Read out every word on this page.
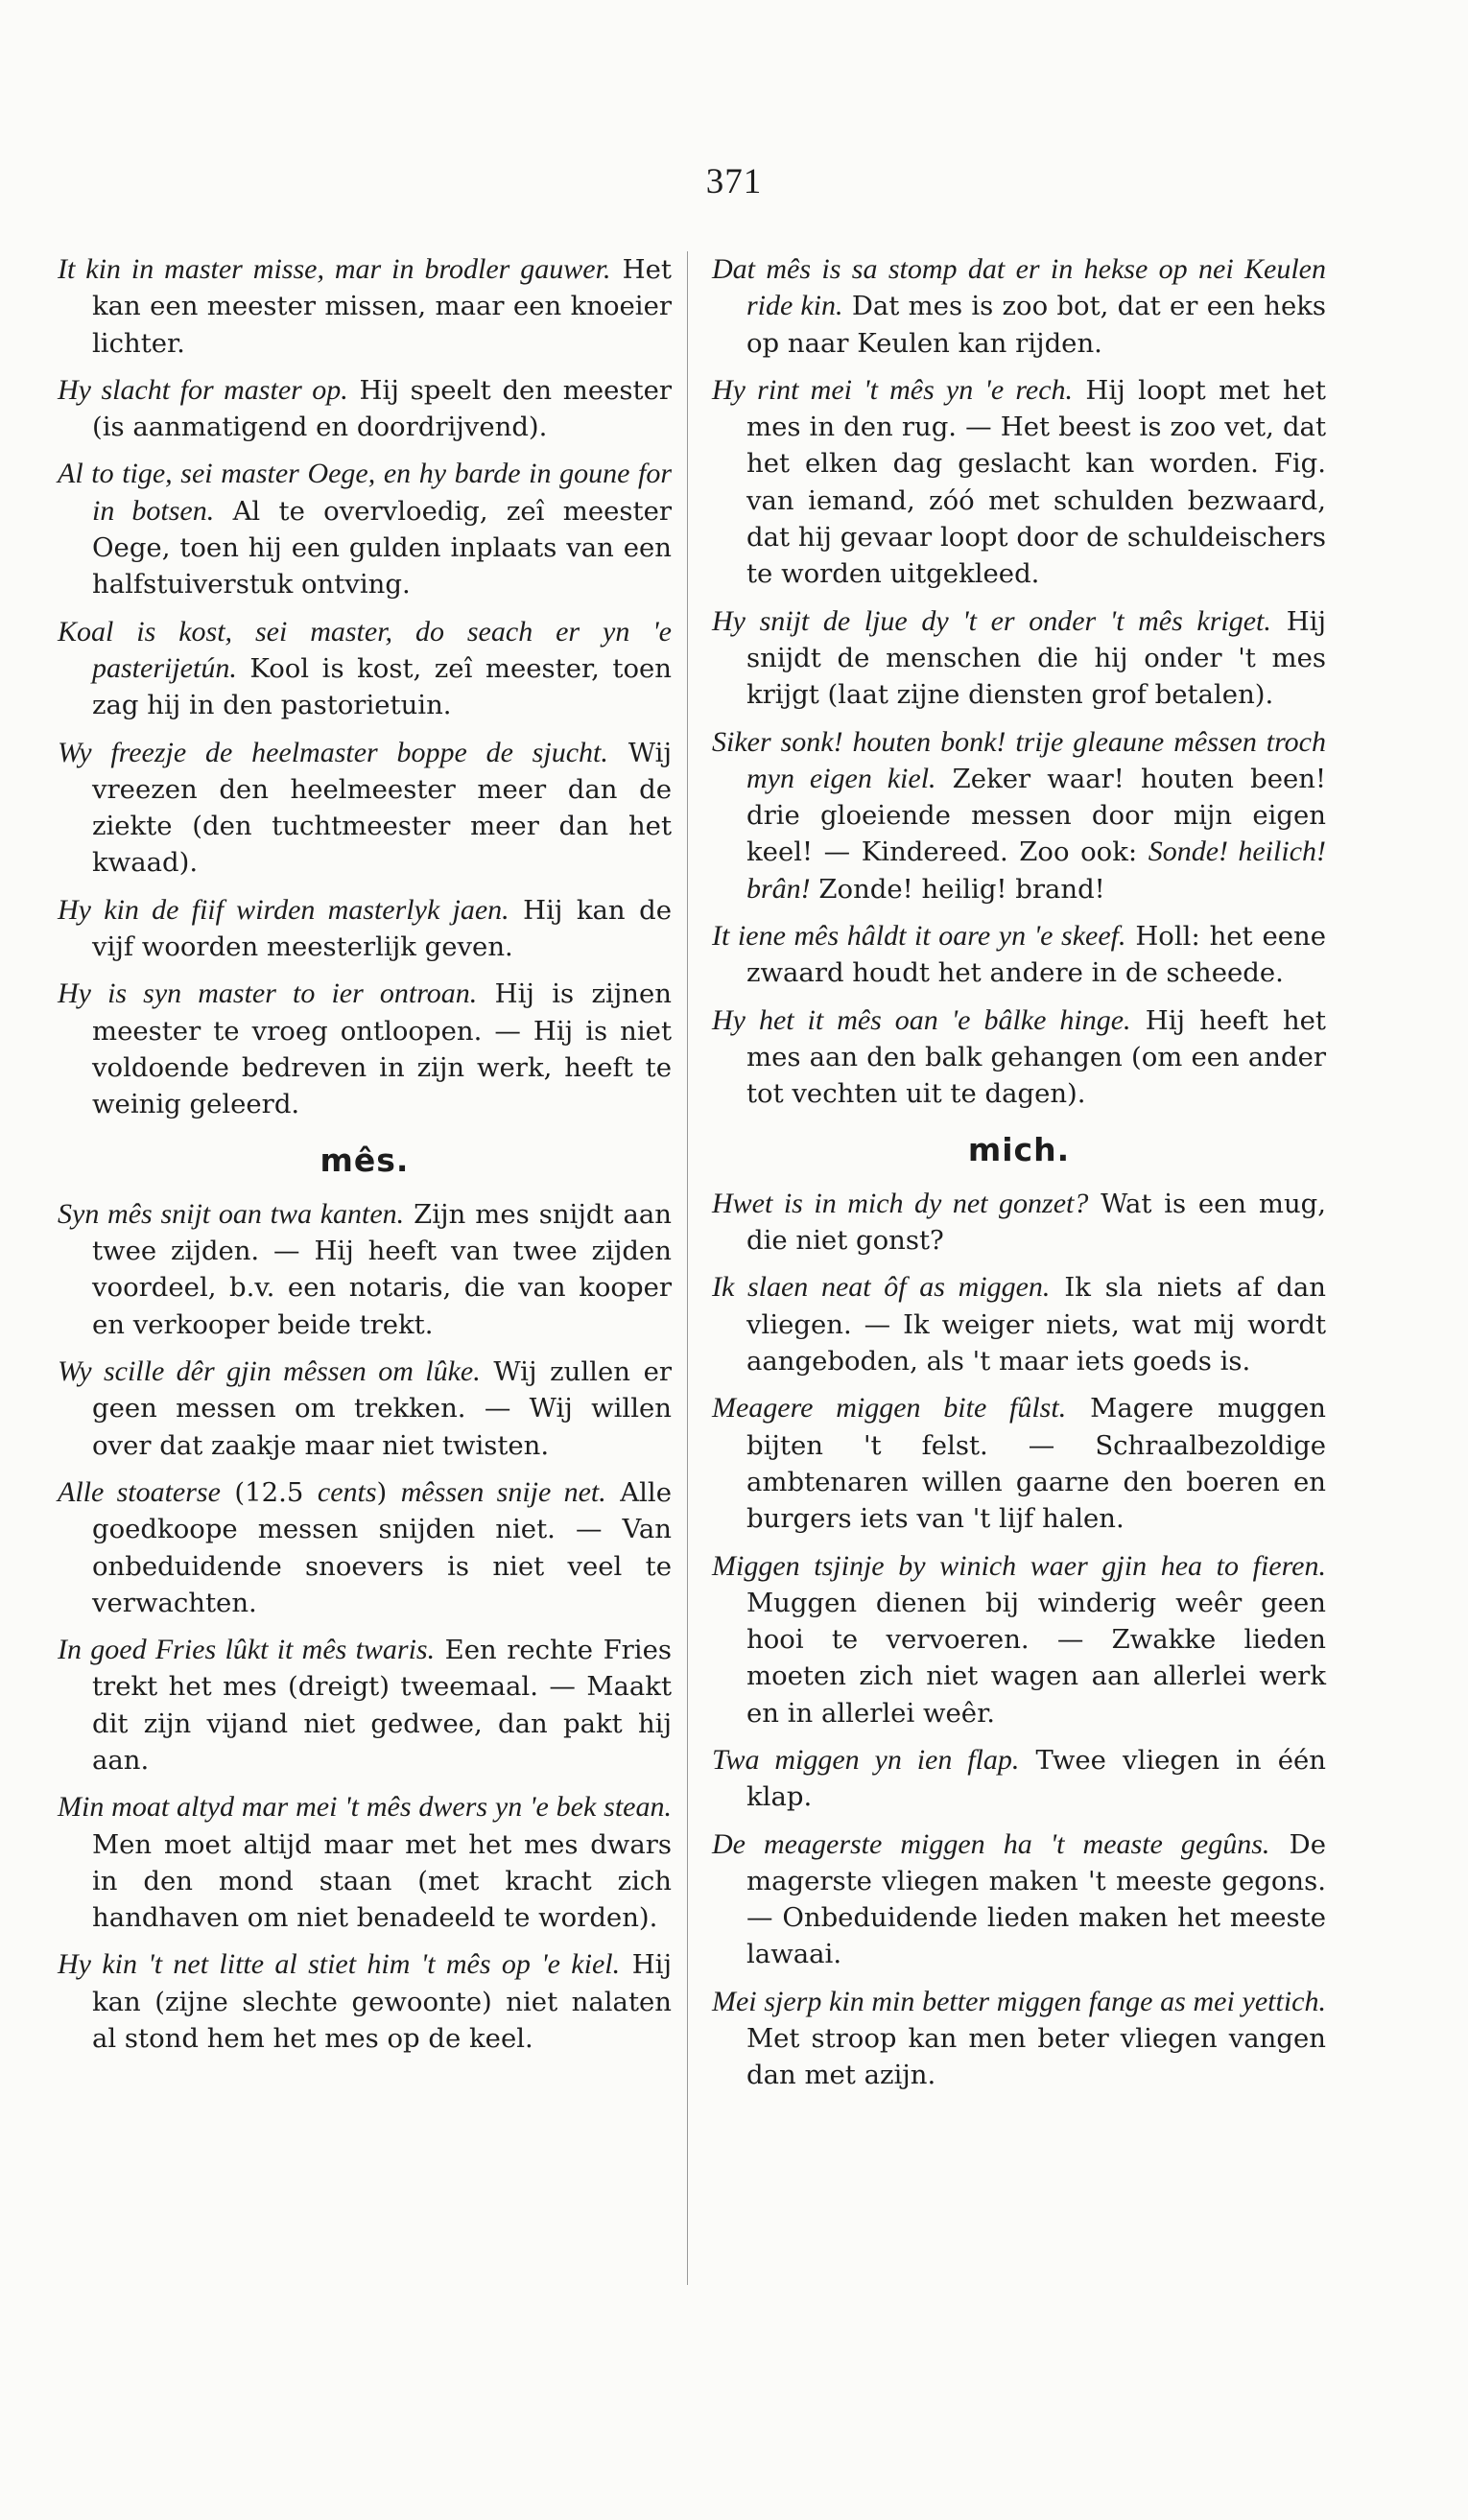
371

It kin in master misse, mar in brodler gauwer. Het kan een meester missen, maar een knoeier lichter.

Hy slacht for master op. Hij speelt den meester (is aanmatigend en doordrijvend).

Al to tige, sei master Oege, en hy barde in goune for in botsen. Al te overvloedig, zeî meester Oege, toen hij een gulden inplaats van een halfstuiverstuk ontving.

Koal is kost, sei master, do seach er yn 'e pasterijetún. Kool is kost, zeî meester, toen zag hij in den pastorietuin.

Wy freezje de heelmaster boppe de sjucht. Wij vreezen den heelmeester meer dan de ziekte (den tuchtmeester meer dan het kwaad).

Hy kin de fiif wirden masterlyk jaen. Hij kan de vijf woorden meesterlijk geven.

Hy is syn master to ier ontroan. Hij is zijnen meester te vroeg ontloopen. — Hij is niet voldoende bedreven in zijn werk, heeft te weinig geleerd.

mês.

Syn mês snijt oan twa kanten. Zijn mes snijdt aan twee zijden. — Hij heeft van twee zijden voordeel, b.v. een notaris, die van kooper en verkooper beide trekt.

Wy scille dêr gjin mêssen om lûke. Wij zullen er geen messen om trekken. — Wij willen over dat zaakje maar niet twisten.

Alle stoaterse (12.5 cents) mêssen snije net. Alle goedkoope messen snijden niet. — Van onbeduidende snoevers is niet veel te verwachten.

In goed Fries lûkt it mês twaris. Een rechte Fries trekt het mes (dreigt) tweemaal. — Maakt dit zijn vijand niet gedwee, dan pakt hij aan.

Min moat altyd mar mei 't mês dwers yn 'e bek stean. Men moet altijd maar met het mes dwars in den mond staan (met kracht zich handhaven om niet benadeeld te worden).

Hy kin 't net litte al stiet him 't mês op 'e kiel. Hij kan (zijne slechte gewoonte) niet nalaten al stond hem het mes op de keel.

Dat mês is sa stomp dat er in hekse op nei Keulen ride kin. Dat mes is zoo bot, dat er een heks op naar Keulen kan rijden.

Hy rint mei 't mês yn 'e rech. Hij loopt met het mes in den rug. — Het beest is zoo vet, dat het elken dag geslacht kan worden. Fig. van iemand, zóó met schulden bezwaard, dat hij gevaar loopt door de schuldeischers te worden uitgekleed.

Hy snijt de ljue dy 't er onder 't mês kriget. Hij snijdt de menschen die hij onder 't mes krijgt (laat zijne diensten grof betalen).

Siker sonk! houten bonk! trije gleaune mêssen troch myn eigen kiel. Zeker waar! houten been! drie gloeiende messen door mijn eigen keel! — Kindereed. Zoo ook: Sonde! heilich! brân! Zonde! heilig! brand!

It iene mês hâldt it oare yn 'e skeef. Holl: het eene zwaard houdt het andere in de scheede.

Hy het it mês oan 'e bâlke hinge. Hij heeft het mes aan den balk gehangen (om een ander tot vechten uit te dagen).

mich.

Hwet is in mich dy net gonzet? Wat is een mug, die niet gonst?

Ik slaen neat ôf as miggen. Ik sla niets af dan vliegen. — Ik weiger niets, wat mij wordt aangeboden, als 't maar iets goeds is.

Meagere miggen bite fûlst. Magere muggen bijten 't felst. — Schraalbezoldige ambtenaren willen gaarne den boeren en burgers iets van 't lijf halen.

Miggen tsjinje by winich waer gjin hea to fieren. Muggen dienen bij winderig weêr geen hooi te vervoeren. — Zwakke lieden moeten zich niet wagen aan allerlei werk en in allerlei weêr.

Twa miggen yn ien flap. Twee vliegen in één klap.

De meagerste miggen ha 't measte gegûns. De magerste vliegen maken 't meeste gegons. — Onbeduidende lieden maken het meeste lawaai.

Mei sjerp kin min better miggen fange as mei yettich. Met stroop kan men beter vliegen vangen dan met azijn.
